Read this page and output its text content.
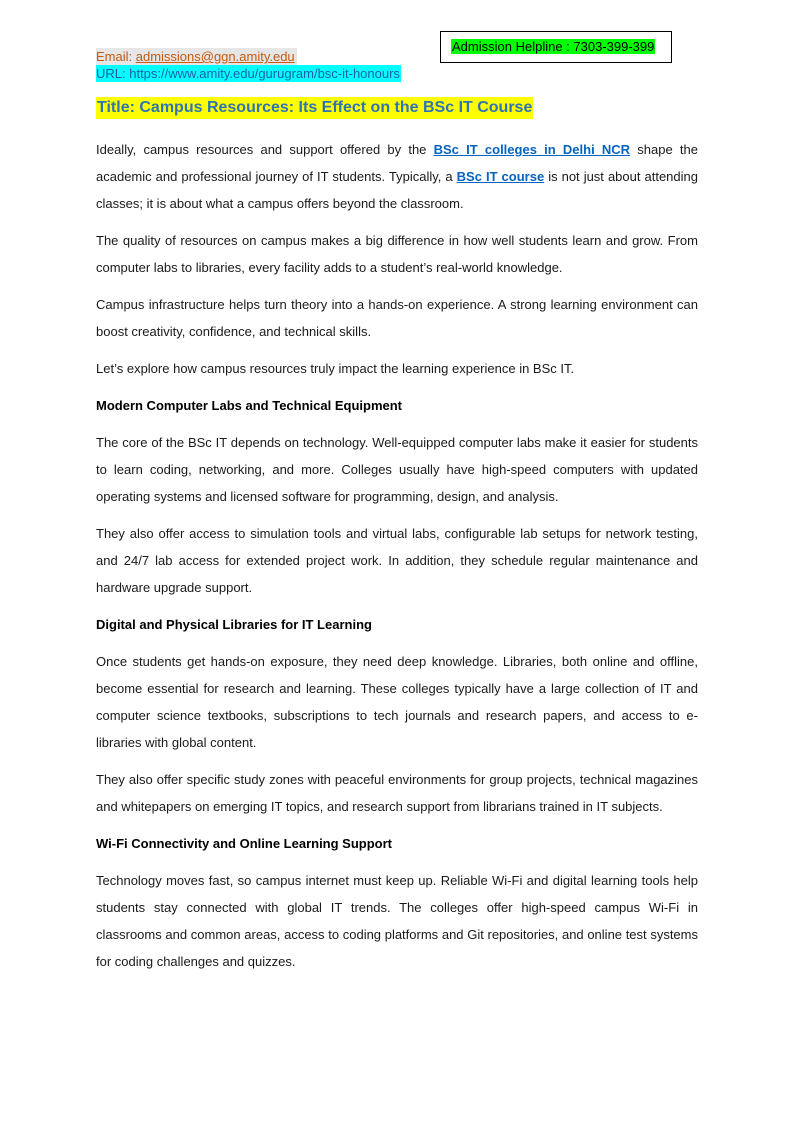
Admission Helpline : 7303-399-399
Email: admissions@ggn.amity.edu
URL: https://www.amity.edu/gurugram/bsc-it-honours
Title: Campus Resources: Its Effect on the BSc IT Course

Ideally, campus resources and support offered by the BSc IT colleges in Delhi NCR shape the academic and professional journey of IT students. Typically, a BSc IT course is not just about attending classes; it is about what a campus offers beyond the classroom.

The quality of resources on campus makes a big difference in how well students learn and grow. From computer labs to libraries, every facility adds to a student’s real-world knowledge.

Campus infrastructure helps turn theory into a hands-on experience. A strong learning environment can boost creativity, confidence, and technical skills.

Let’s explore how campus resources truly impact the learning experience in BSc IT.

Modern Computer Labs and Technical Equipment

The core of the BSc IT depends on technology. Well-equipped computer labs make it easier for students to learn coding, networking, and more. Colleges usually have high-speed computers with updated operating systems and licensed software for programming, design, and analysis.

They also offer access to simulation tools and virtual labs, configurable lab setups for network testing, and 24/7 lab access for extended project work. In addition, they schedule regular maintenance and hardware upgrade support.

Digital and Physical Libraries for IT Learning

Once students get hands-on exposure, they need deep knowledge. Libraries, both online and offline, become essential for research and learning. These colleges typically have a large collection of IT and computer science textbooks, subscriptions to tech journals and research papers, and access to e-libraries with global content.

They also offer specific study zones with peaceful environments for group projects, technical magazines and whitepapers on emerging IT topics, and research support from librarians trained in IT subjects.

Wi-Fi Connectivity and Online Learning Support

Technology moves fast, so campus internet must keep up. Reliable Wi-Fi and digital learning tools help students stay connected with global IT trends. The colleges offer high-speed campus Wi-Fi in classrooms and common areas, access to coding platforms and Git repositories, and online test systems for coding challenges and quizzes.
